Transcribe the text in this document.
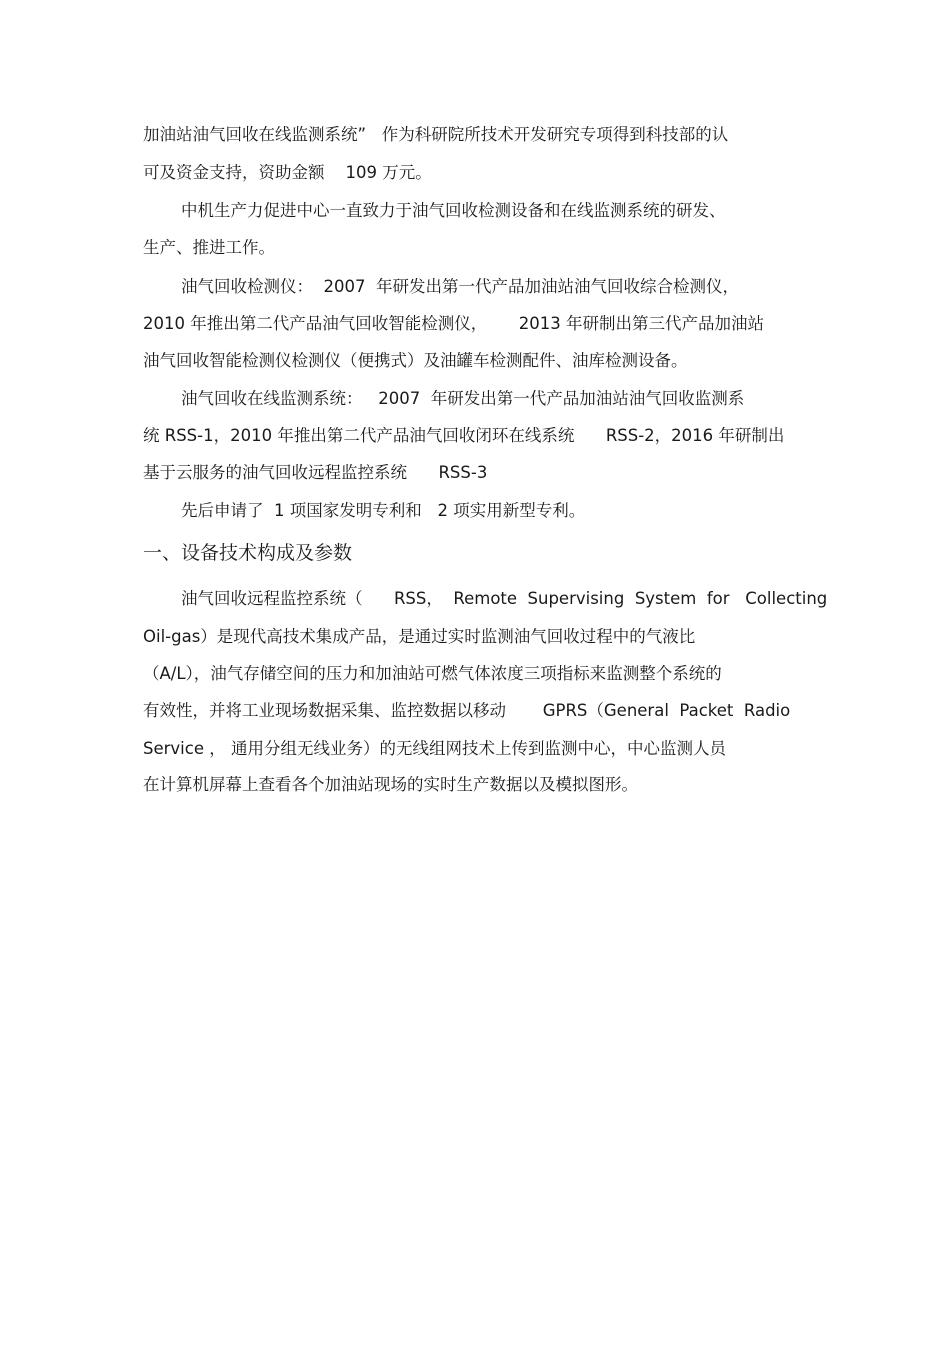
加油站油气回收在线监测系统”   作为科研院所技术开发研究专项得到科技部的认
可及资金支持，资助金额    109 万元。
中机生产力促进中心一直致力于油气回收检测设备和在线监测系统的研发、
生产、推进工作。
油气回收检测仪：  2007  年研发出第一代产品加油站油气回收综合检测仪，
2010 年推出第二代产品油气回收智能检测仪，      2013 年研制出第三代产品加油站
油气回收智能检测仪检测仪（便携式）及油罐车检测配件、油库检测设备。
油气回收在线监测系统：   2007  年研发出第一代产品加油站油气回收监测系
统 RSS-1，2010 年推出第二代产品油气回收闭环在线系统      RSS-2，2016 年研制出
基于云服务的油气回收远程监控系统      RSS-3
先后申请了  1 项国家发明专利和   2 项实用新型专利。
一、设备技术构成及参数
油气回收远程监控系统（      RSS，  Remote  Supervising  System  for   Collecting
Oil-gas）是现代高技术集成产品，是通过实时监测油气回收过程中的气液比
（A/L），油气存储空间的压力和加油站可燃气体浓度三项指标来监测整个系统的
有效性，并将工业现场数据采集、监控数据以移动       GPRS（General  Packet  Radio
Service ， 通用分组无线业务）的无线组网技术上传到监测中心，中心监测人员
在计算机屏幕上查看各个加油站现场的实时生产数据以及模拟图形。
